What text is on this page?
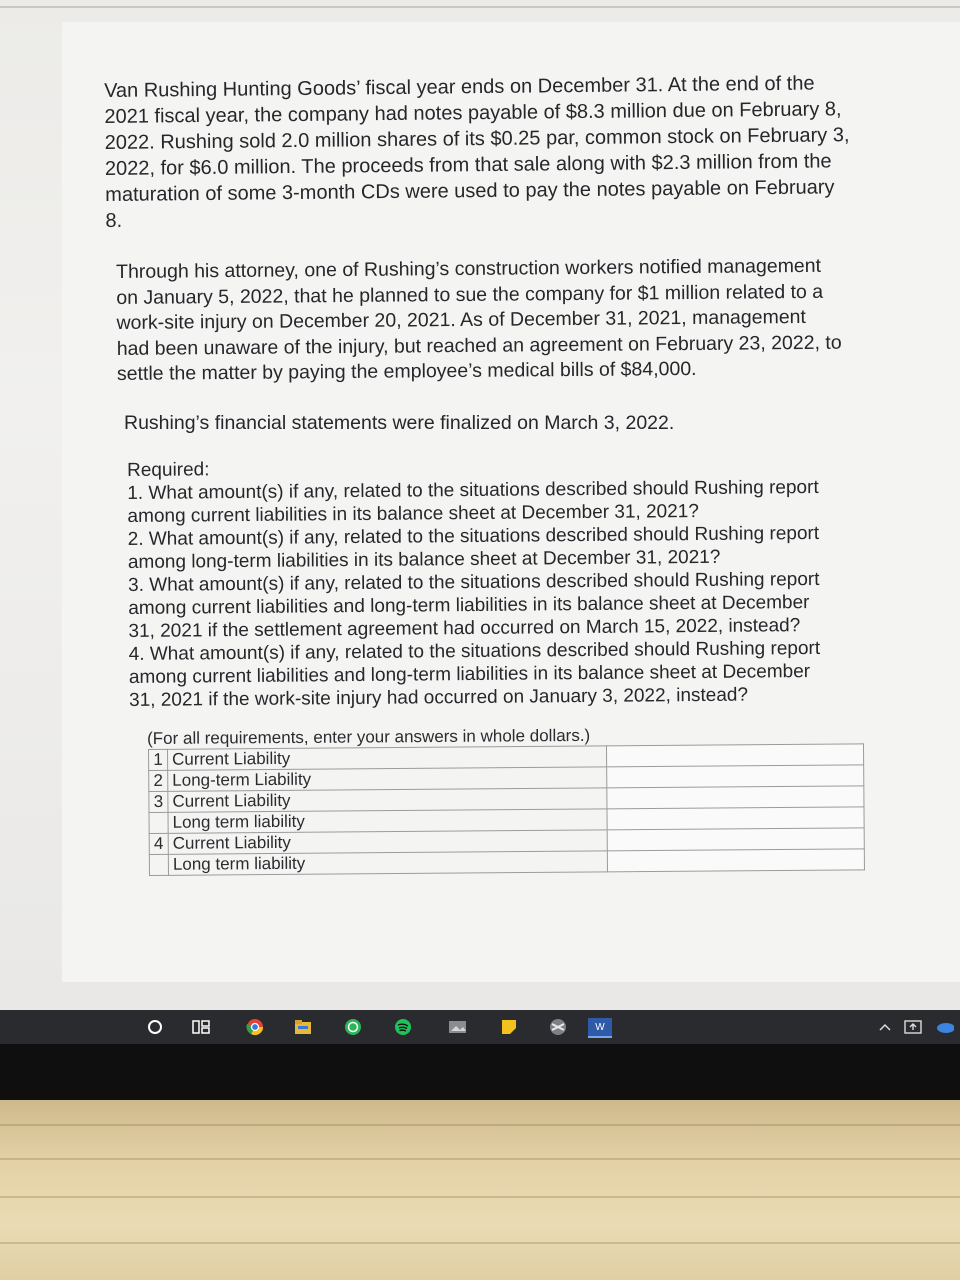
Van Rushing Hunting Goods’ fiscal year ends on December 31. At the end of the
2021 fiscal year, the company had notes payable of $8.3 million due on February 8,
2022. Rushing sold 2.0 million shares of its $0.25 par, common stock on February 3,
2022, for $6.0 million. The proceeds from that sale along with $2.3 million from the
maturation of some 3-month CDs were used to pay the notes payable on February
8.
Through his attorney, one of Rushing’s construction workers notified management
on January 5, 2022, that he planned to sue the company for $1 million related to a
work-site injury on December 20, 2021. As of December 31, 2021, management
had been unaware of the injury, but reached an agreement on February 23, 2022, to
settle the matter by paying the employee’s medical bills of $84,000.
Rushing’s financial statements were finalized on March 3, 2022.
Required:
1. What amount(s) if any, related to the situations described should Rushing report
among current liabilities in its balance sheet at December 31, 2021?
2. What amount(s) if any, related to the situations described should Rushing report
among long-term liabilities in its balance sheet at December 31, 2021?
3. What amount(s) if any, related to the situations described should Rushing report
among current liabilities and long-term liabilities in its balance sheet at December
31, 2021 if the settlement agreement had occurred on March 15, 2022, instead?
4. What amount(s) if any, related to the situations described should Rushing report
among current liabilities and long-term liabilities in its balance sheet at December
31, 2021 if the work-site injury had occurred on January 3, 2022, instead?
(For all requirements, enter your answers in whole dollars.)
1	Current Liability	
2	Long-term Liability	
3	Current Liability	
	Long term liability	
4	Current Liability	
	Long term liability	
W
